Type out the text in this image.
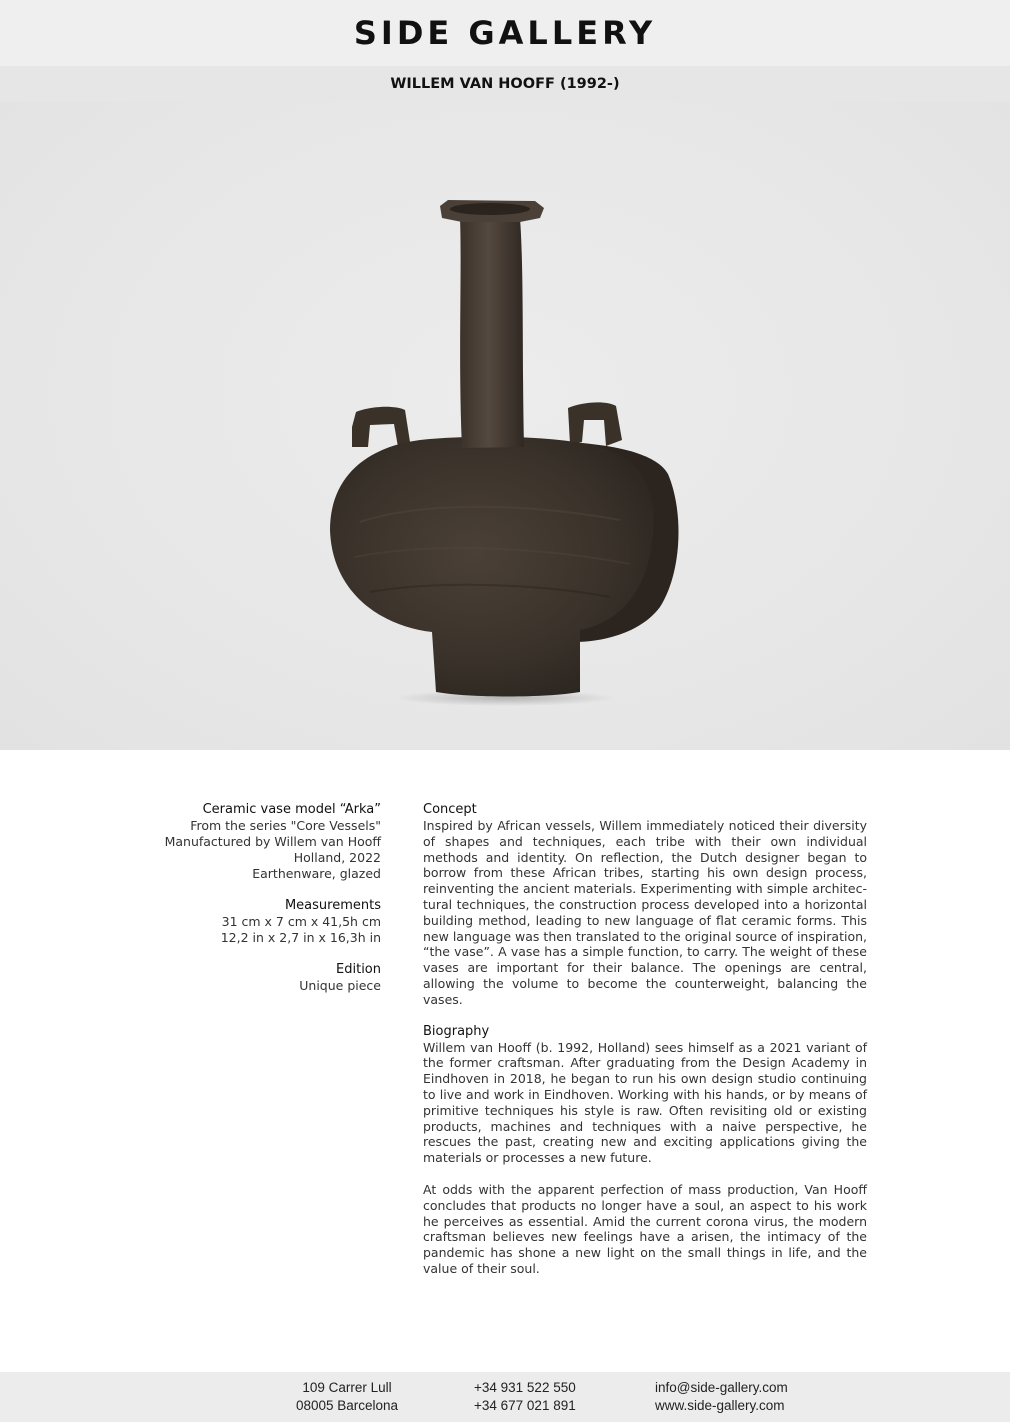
SIDE GALLERY
WILLEM VAN HOOFF (1992-)
Ceramic vase model “Arka”
From the series "Core Vessels"
Manufactured by Willem van Hooff
Holland, 2022
Earthenware, glazed
Measurements
31 cm x 7 cm x 41,5h cm
12,2 in x 2,7 in x 16,3h in
Edition
Unique piece
Concept

Inspired by African vessels, Willem immediately noticed their diversity of shapes and techniques, each tribe with their own individual methods and identity. On reflection, the Dutch designer began to borrow from these African tribes, starting his own design process, reinventing the ancient materials. Experimenting with simple architec-tural techniques, the construction process developed into a horizontal building method, leading to new language of flat ceramic forms. This new language was then translated to the original source of inspiration, “the vase”. A vase has a simple function, to carry. The weight of these vases are important for their balance. The openings are central, allowing the volume to become the counterweight, balancing the vases.

Biography

Willem van Hooff (b. 1992, Holland) sees himself as a 2021 variant of the former craftsman. After graduating from the Design Academy in Eindhoven in 2018, he began to run his own design studio continuing to live and work in Eindhoven. Working with his hands, or by means of primitive techniques his style is raw. Often revisiting old or existing products, machines and techniques with a naive perspective, he rescues the past, creating new and exciting applications giving the materials or processes a new future.

At odds with the apparent perfection of mass production, Van Hooff concludes that products no longer have a soul, an aspect to his work he perceives as essential. Amid the current corona virus, the modern craftsman believes new feelings have a arisen, the intimacy of the pandemic has shone a new light on the small things in life, and the value of their soul.

109 Carrer Lull
08005 Barcelona
+34 931 522 550
+34 677 021 891
info@side-gallery.com
www.side-gallery.com
